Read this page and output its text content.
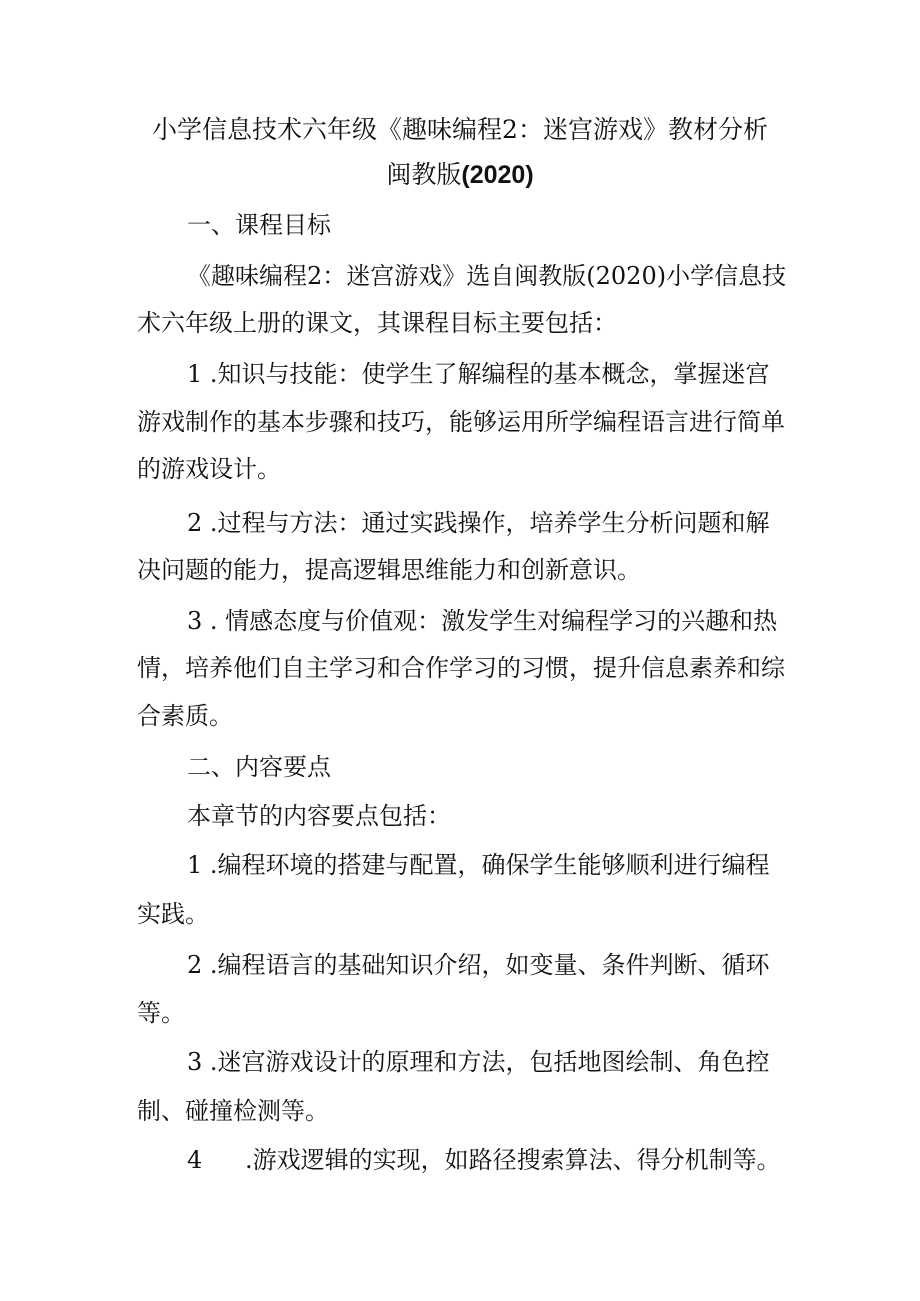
小学信息技术六年级《趣味编程2：迷宫游戏》教材分析
闽教版(2020)
一、课程目标
《趣味编程2：迷宫游戏》选自闽教版(2020)小学信息技
术六年级上册的课文，其课程目标主要包括：
1 .知识与技能：使学生了解编程的基本概念，掌握迷宫
游戏制作的基本步骤和技巧，能够运用所学编程语言进行简单
的游戏设计。
2 .过程与方法：通过实践操作，培养学生分析问题和解
决问题的能力，提高逻辑思维能力和创新意识。
3 . 情感态度与价值观：激发学生对编程学习的兴趣和热
情，培养他们自主学习和合作学习的习惯，提升信息素养和综
合素质。
二、内容要点
本章节的内容要点包括：
1 .编程环境的搭建与配置，确保学生能够顺利进行编程
实践。
2 .编程语言的基础知识介绍，如变量、条件判断、循环
等。
3 .迷宫游戏设计的原理和方法，包括地图绘制、角色控
制、碰撞检测等。
4 .游戏逻辑的实现，如路径搜索算法、得分机制等。
